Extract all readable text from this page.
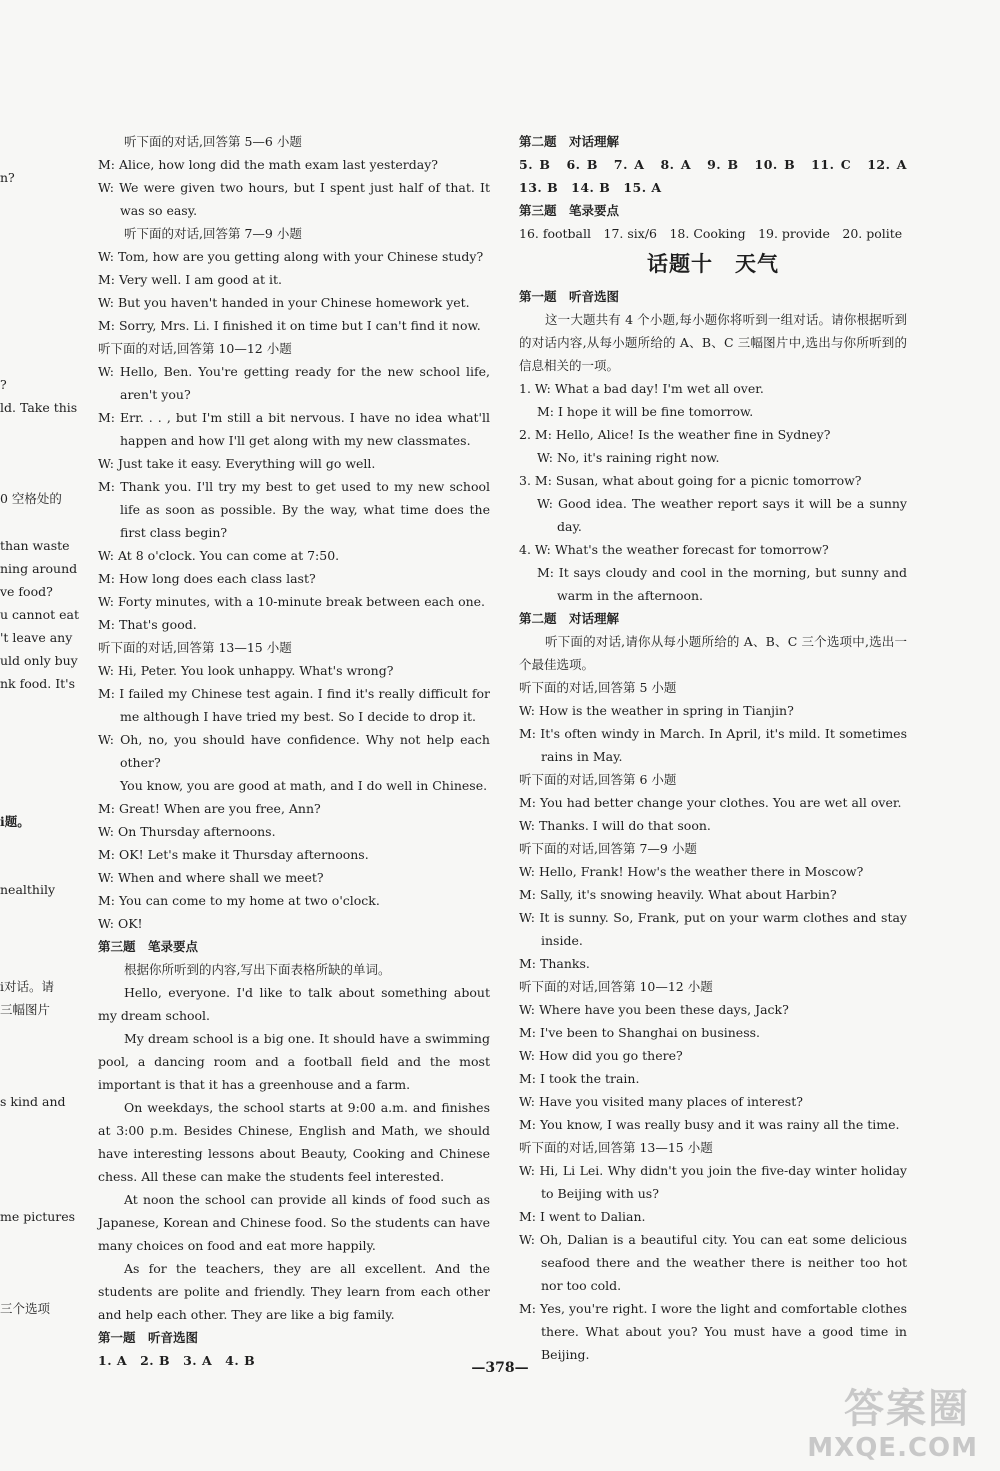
n?
?
ld. Take this
0 空格处的
than waste
ning around
ve food?
u cannot eat
't leave any
uld only buy
nk food. It's
i题。
nealthily
i对话。请
三幅图片
s kind and
me pictures
三个选项

听下面的对话,回答第 5—6 小题

M: Alice, how long did the math exam last yesterday?

W: We were given two hours, but I spent just half of that. It was so easy.

听下面的对话,回答第 7—9 小题

W: Tom, how are you getting along with your Chinese study?

M: Very well. I am good at it.

W: But you haven't handed in your Chinese homework yet.

M: Sorry, Mrs. Li. I finished it on time but I can't find it now.

听下面的对话,回答第 10—12 小题

W: Hello, Ben. You're getting ready for the new school life, aren't you?

M: Err. . . , but I'm still a bit nervous. I have no idea what'll happen and how I'll get along with my new classmates.

W: Just take it easy. Everything will go well.

M: Thank you. I'll try my best to get used to my new school life as soon as possible. By the way, what time does the first class begin?

W: At 8 o'clock. You can come at 7:50.

M: How long does each class last?

W: Forty minutes, with a 10-minute break between each one.

M: That's good.

听下面的对话,回答第 13—15 小题

W: Hi, Peter. You look unhappy. What's wrong?

M: I failed my Chinese test again. I find it's really difficult for me although I have tried my best. So I decide to drop it.

W: Oh, no, you should have confidence. Why not help each other?

You know, you are good at math, and I do well in Chinese.

M: Great! When are you free, Ann?

W: On Thursday afternoons.

M: OK! Let's make it Thursday afternoons.

W: When and where shall we meet?

M: You can come to my home at two o'clock.

W: OK!

第三题　笔录要点

根据你所听到的内容,写出下面表格所缺的单词。

Hello, everyone. I'd like to talk about something about my dream school.

My dream school is a big one. It should have a swimming pool, a dancing room and a football field and the most important is that it has a greenhouse and a farm.

On weekdays, the school starts at 9:00 a.m. and finishes at 3:00 p.m. Besides Chinese, English and Math, we should have interesting lessons about Beauty, Cooking and Chinese chess. All these can make the students feel interested.

At noon the school can provide all kinds of food such as Japanese, Korean and Chinese food. So the students can have many choices on food and eat more happily.

As for the teachers, they are all excellent. And the students are polite and friendly. They learn from each other and help each other. They are like a big family.

第一题　听音选图

1. A　2. B　3. A　4. B

第二题　对话理解

5. B　6. B　7. A　8. A　9. B　10. B　11. C　12. A　13. B　14. B　15. A

第三题　笔录要点

16. football　17. six/6　18. Cooking　19. provide　20. polite

话题十　天气

第一题　听音选图

这一大题共有 4 个小题,每小题你将听到一组对话。请你根据听到的对话内容,从每小题所给的 A、B、C 三幅图片中,选出与你所听到的信息相关的一项。

1. W: What a bad day! I'm wet all over.

M: I hope it will be fine tomorrow.

2. M: Hello, Alice! Is the weather fine in Sydney?

W: No, it's raining right now.

3. M: Susan, what about going for a picnic tomorrow?

W: Good idea. The weather report says it will be a sunny day.

4. W: What's the weather forecast for tomorrow?

M: It says cloudy and cool in the morning, but sunny and warm in the afternoon.

第二题　对话理解

听下面的对话,请你从每小题所给的 A、B、C 三个选项中,选出一个最佳选项。

听下面的对话,回答第 5 小题

W: How is the weather in spring in Tianjin?

M: It's often windy in March. In April, it's mild. It sometimes rains in May.

听下面的对话,回答第 6 小题

M: You had better change your clothes. You are wet all over.

W: Thanks. I will do that soon.

听下面的对话,回答第 7—9 小题

W: Hello, Frank! How's the weather there in Moscow?

M: Sally, it's snowing heavily. What about Harbin?

W: It is sunny. So, Frank, put on your warm clothes and stay inside.

M: Thanks.

听下面的对话,回答第 10—12 小题

W: Where have you been these days, Jack?

M: I've been to Shanghai on business.

W: How did you go there?

M: I took the train.

W: Have you visited many places of interest?

M: You know, I was really busy and it was rainy all the time.

听下面的对话,回答第 13—15 小题

W: Hi, Li Lei. Why didn't you join the five-day winter holiday to Beijing with us?

M: I went to Dalian.

W: Oh, Dalian is a beautiful city. You can eat some delicious seafood there and the weather there is neither too hot nor too cold.

M: Yes, you're right. I wore the light and comfortable clothes there. What about you? You must have a good time in Beijing.

—378—
答案圈
MXQE.COM
